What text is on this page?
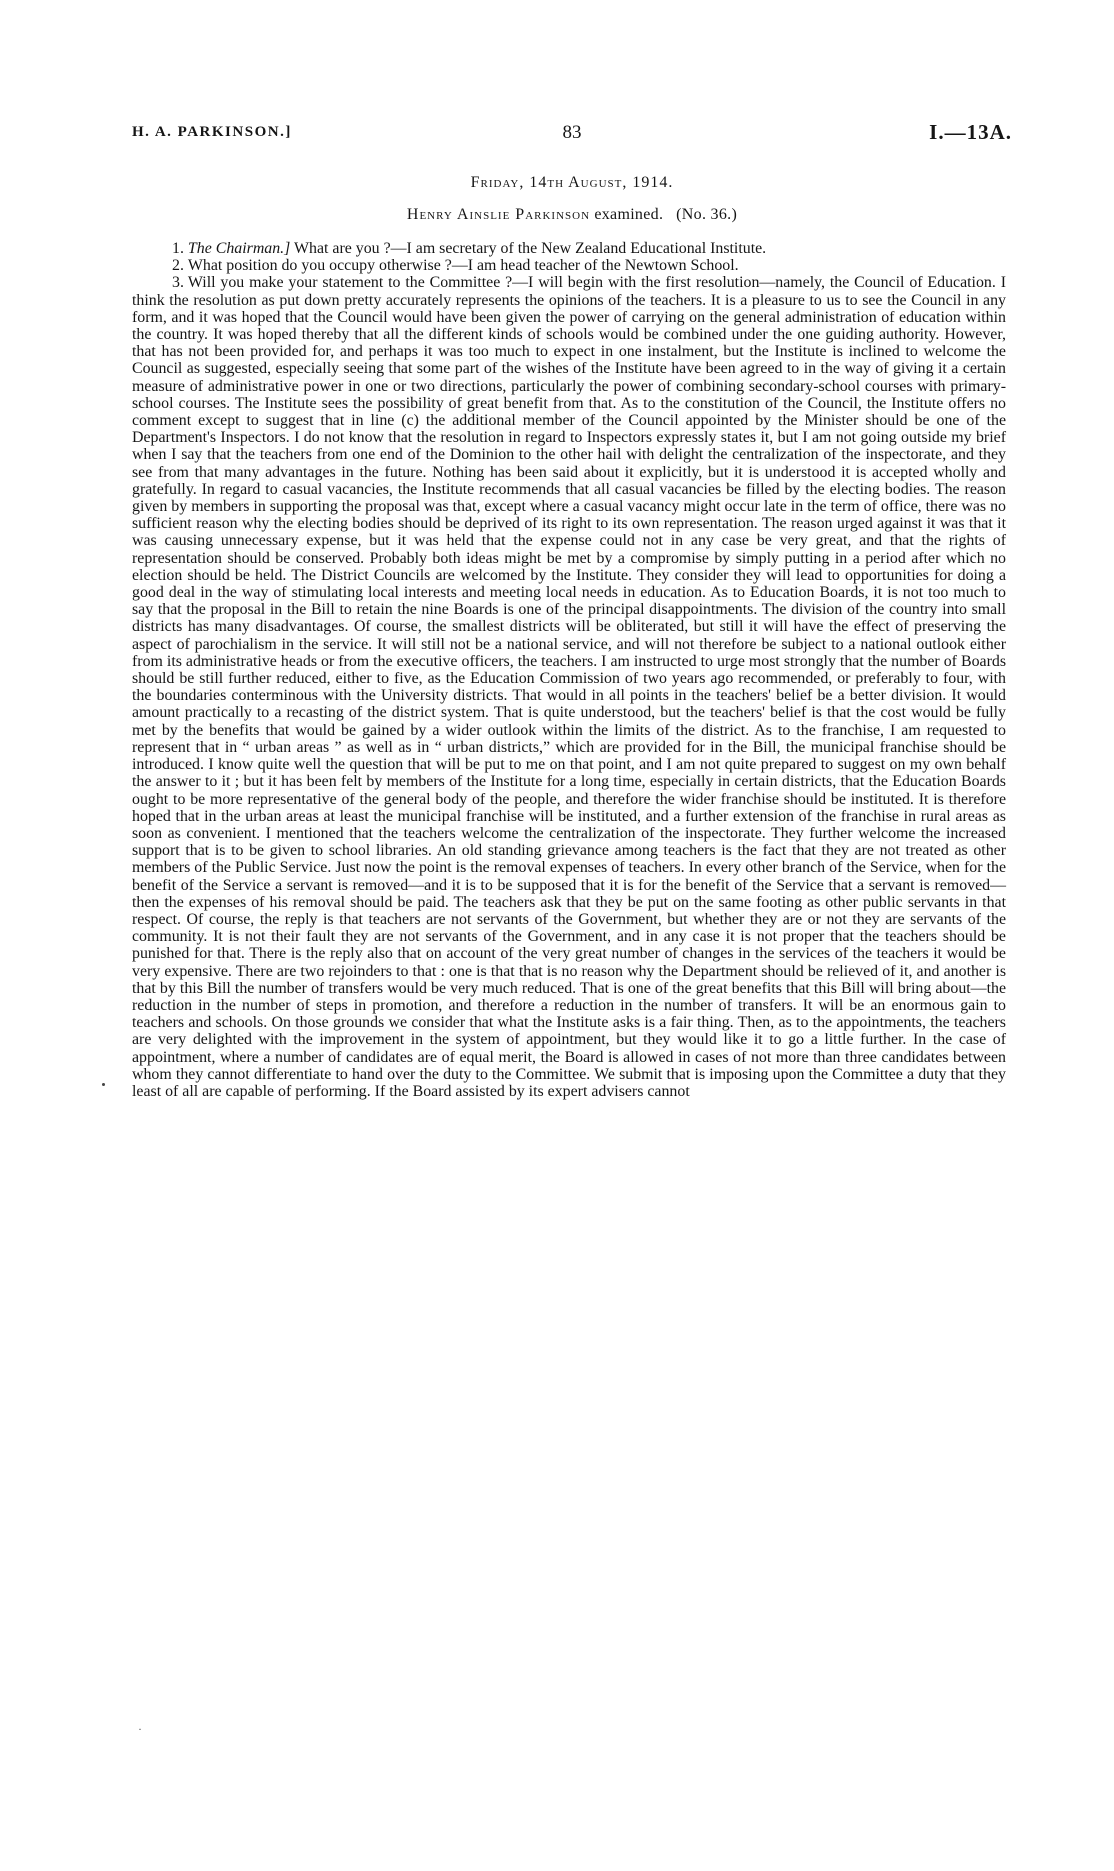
H. A. PARKINSON.]	83	I.—13A.
Friday, 14th August, 1914.
Henry Ainslie Parkinson examined. (No. 36.)

1. The Chairman.] What are you ?—I am secretary of the New Zealand Educational Institute.

2. What position do you occupy otherwise ?—I am head teacher of the Newtown School.

3. Will you make your statement to the Committee ?—I will begin with the first resolution—namely, the Council of Education. I think the resolution as put down pretty accurately represents the opinions of the teachers. It is a pleasure to us to see the Council in any form, and it was hoped that the Council would have been given the power of carrying on the general administration of education within the country. It was hoped thereby that all the different kinds of schools would be combined under the one guiding authority. However, that has not been provided for, and perhaps it was too much to expect in one instalment, but the Institute is inclined to welcome the Council as suggested, especially seeing that some part of the wishes of the Institute have been agreed to in the way of giving it a certain measure of administrative power in one or two directions, particularly the power of combining secondary-school courses with primary-school courses. The Institute sees the possibility of great benefit from that. As to the constitution of the Council, the Institute offers no comment except to suggest that in line (c) the additional member of the Council appointed by the Minister should be one of the Department's Inspectors. I do not know that the resolution in regard to Inspectors expressly states it, but I am not going outside my brief when I say that the teachers from one end of the Dominion to the other hail with delight the centralization of the inspectorate, and they see from that many advantages in the future. Nothing has been said about it explicitly, but it is understood it is accepted wholly and gratefully. In regard to casual vacancies, the Institute recommends that all casual vacancies be filled by the electing bodies. The reason given by members in supporting the proposal was that, except where a casual vacancy might occur late in the term of office, there was no sufficient reason why the electing bodies should be deprived of its right to its own representation. The reason urged against it was that it was causing unnecessary expense, but it was held that the expense could not in any case be very great, and that the rights of representation should be conserved. Probably both ideas might be met by a compromise by simply putting in a period after which no election should be held. The District Councils are welcomed by the Institute. They consider they will lead to opportunities for doing a good deal in the way of stimulating local interests and meeting local needs in education. As to Education Boards, it is not too much to say that the proposal in the Bill to retain the nine Boards is one of the principal disappointments. The division of the country into small districts has many disadvantages. Of course, the smallest districts will be obliterated, but still it will have the effect of preserving the aspect of parochialism in the service. It will still not be a national service, and will not therefore be subject to a national outlook either from its administrative heads or from the executive officers, the teachers. I am instructed to urge most strongly that the number of Boards should be still further reduced, either to five, as the Education Commission of two years ago recommended, or preferably to four, with the boundaries conterminous with the University districts. That would in all points in the teachers' belief be a better division. It would amount practically to a recasting of the district system. That is quite understood, but the teachers' belief is that the cost would be fully met by the benefits that would be gained by a wider outlook within the limits of the district. As to the franchise, I am requested to represent that in “ urban areas ” as well as in “ urban districts,” which are provided for in the Bill, the municipal franchise should be introduced. I know quite well the question that will be put to me on that point, and I am not quite prepared to suggest on my own behalf the answer to it ; but it has been felt by members of the Institute for a long time, especially in certain districts, that the Education Boards ought to be more representative of the general body of the people, and therefore the wider franchise should be instituted. It is therefore hoped that in the urban areas at least the municipal franchise will be instituted, and a further extension of the franchise in rural areas as soon as convenient. I mentioned that the teachers welcome the centralization of the inspectorate. They further welcome the increased support that is to be given to school libraries. An old standing grievance among teachers is the fact that they are not treated as other members of the Public Service. Just now the point is the removal expenses of teachers. In every other branch of the Service, when for the benefit of the Service a servant is removed—and it is to be supposed that it is for the benefit of the Service that a servant is removed—then the expenses of his removal should be paid. The teachers ask that they be put on the same footing as other public servants in that respect. Of course, the reply is that teachers are not servants of the Government, but whether they are or not they are servants of the community. It is not their fault they are not servants of the Government, and in any case it is not proper that the teachers should be punished for that. There is the reply also that on account of the very great number of changes in the services of the teachers it would be very expensive. There are two rejoinders to that : one is that that is no reason why the Department should be relieved of it, and another is that by this Bill the number of transfers would be very much reduced. That is one of the great benefits that this Bill will bring about—the reduction in the number of steps in promotion, and therefore a reduction in the number of transfers. It will be an enormous gain to teachers and schools. On those grounds we consider that what the Institute asks is a fair thing. Then, as to the appointments, the teachers are very delighted with the improvement in the system of appointment, but they would like it to go a little further. In the case of appointment, where a number of candidates are of equal merit, the Board is allowed in cases of not more than three candidates between whom they cannot differentiate to hand over the duty to the Committee. We submit that is imposing upon the Committee a duty that they least of all are capable of performing. If the Board assisted by its expert advisers cannot

·
